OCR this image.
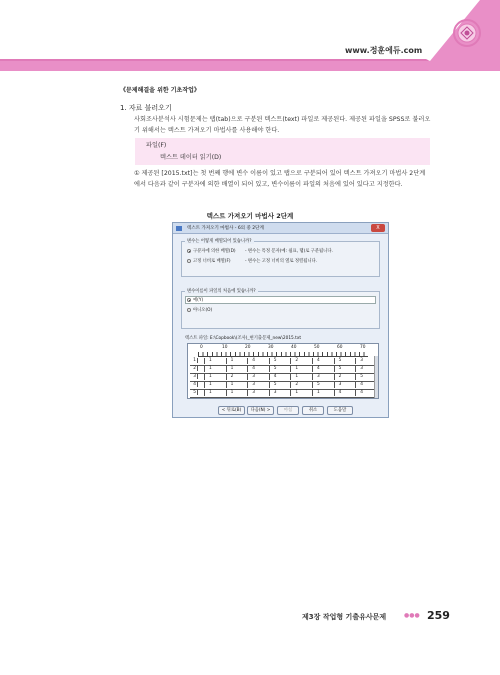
www.정훈에듀.com
《문제해결을 위한 기초작업》
1. 자료 불러오기
사회조사분석사 시험문제는 탭(tab)으로 구분된 텍스트(text) 파일로 제공된다. 제공된 파일을 SPSS로 불러오기 위해서는 텍스트 가져오기 마법사를 사용해야 한다.
파일(F)
텍스트 데이터 읽기(D)
① 제공된 [2015.txt]는 첫 번째 행에 변수 이름이 있고 탭으로 구분되어 있어 텍스트 가져오기 마법사 2단계에서 다음과 같이 구분자에 의한 배열이 되어 있고, 변수이름이 파일의 처음에 있어 있다고 지정한다.
텍스트 가져오기 마법사 2단계
텍스트 가져오기 마법사 - 6의 중 2단계	X
변수는 어떻게 배열되어 있습니까?
구분자에 의한 배열(D) - 변수는 특정 문자(예: 쉼표, 탭)로 구분됩니다.
고정 너비로 배열(F)	- 변수는 고정 너비의 열로 정렬됩니다.
변수이름이 파일의 처음에 있습니까?
예(Y)
아니오(O)
텍스트 파일: E:\Copbook\(조사)_현기출문제_new\2015.txt
0	10	20	30	40	50	60	70
1	1	1	4	5	2	4	5	3
2	1	1	4	5	1	4	5	3
3	1	2	3	4	1	3	2	5
4	1	1	3	5	2	5	3	4
5	1	1	3	3	1	1	4	4
< 뒤로(B)	다음(N) >	마침	취소	도움말
제3장 작업형 기출유사문제	●●● 259
